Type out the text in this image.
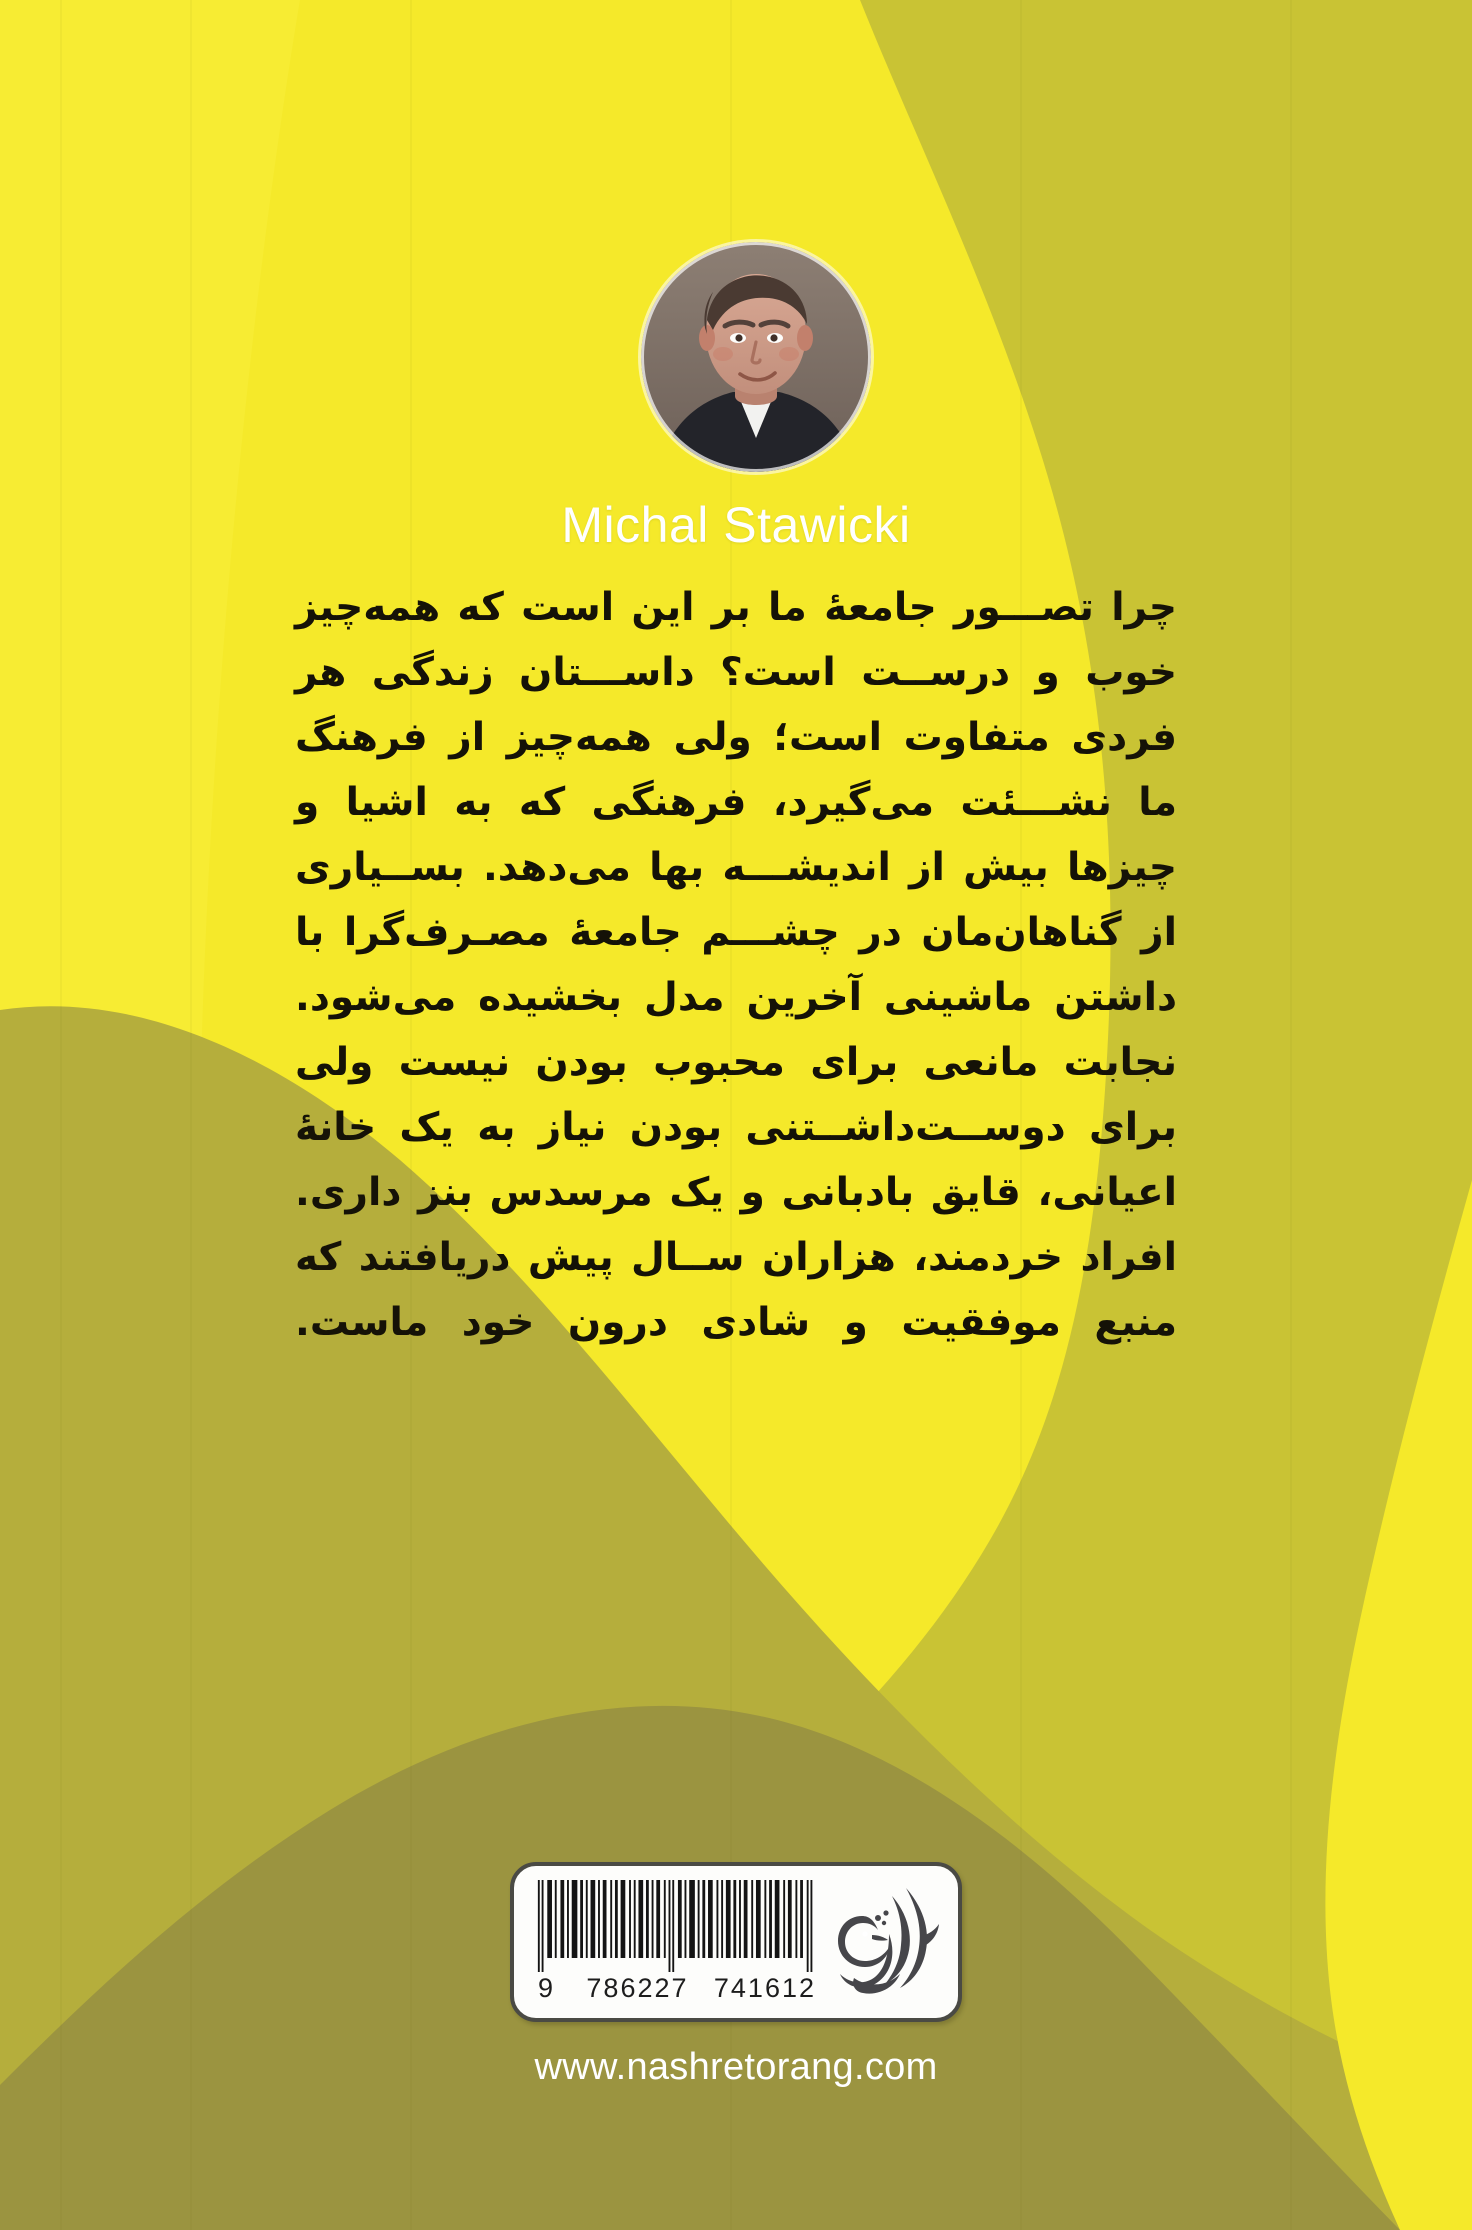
Michal Stawicki

چرا تصـــور جامعۀ ما بر این است که همه‌چیز خوب و درســت است؟ داســـتان زندگی هر فردی متفاوت است؛ ولی همه‌چیز از فرهنگ ما نشـــئت می‌گیرد، فرهنگی که به اشیا و چیزها بیش از اندیشـــه بها می‌دهد. بســیاری از گناهان‌مان در چشـــم جامعۀ مصـرف‌گرا با داشتن ماشینی آخرین مدل بخشیده می‌شود. نجابت مانعی برای محبوب بودن نیست ولی برای دوســت‌داشــتنی بودن نیاز به یک خانۀ اعیانی، قایق بادبانی و یک مرسدس بنز داری. افراد خردمند، هزاران ســال پیش دریافتند که منبع موفقیت و شادی درون خود ماست.

9 786227 741612
www.nashretorang.com
